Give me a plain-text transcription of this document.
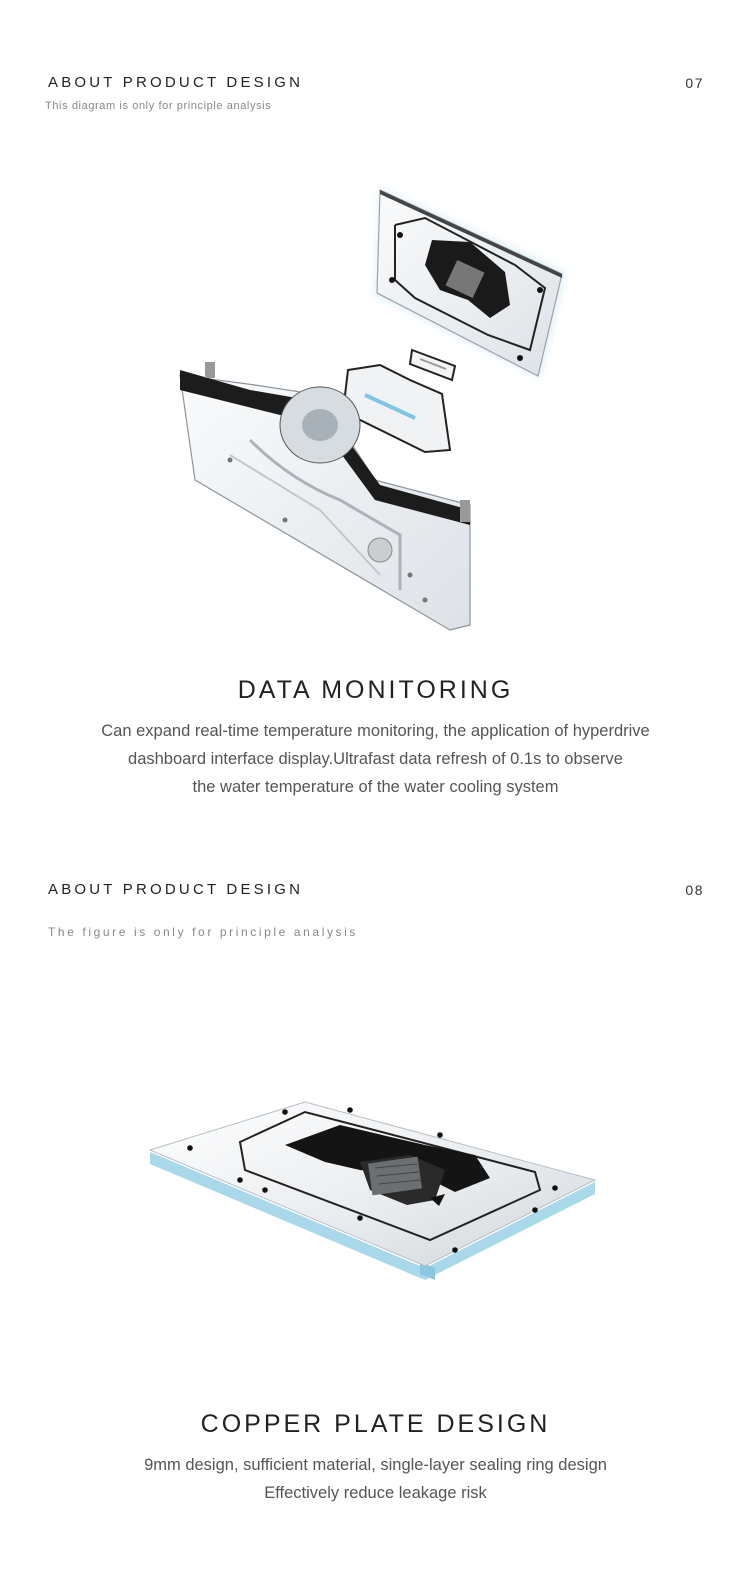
ABOUT PRODUCT DESIGN
This diagram is only for principle analysis
07
DATA MONITORING
Can expand real-time temperature monitoring, the application of hyperdrive
dashboard interface display.Ultrafast data refresh of 0.1s to observe
the water temperature of the water cooling system
ABOUT PRODUCT DESIGN
The figure is only for principle analysis
08
COPPER PLATE DESIGN
9mm design, sufficient material, single-layer sealing ring design
Effectively reduce leakage risk
